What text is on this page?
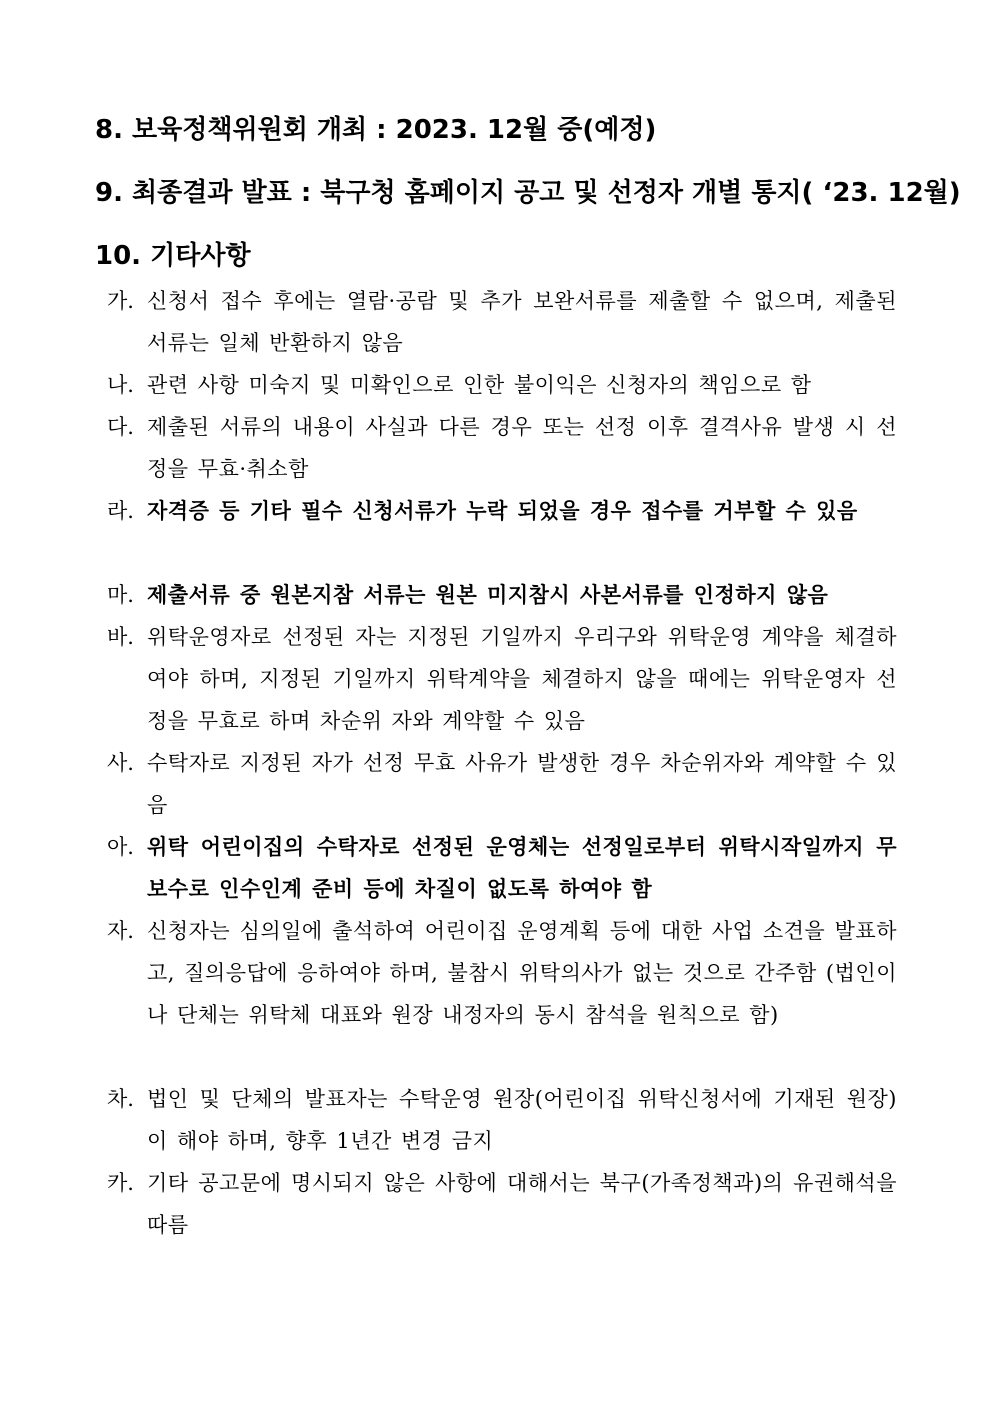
8. 보육정책위원회 개최 : 2023. 12월 중(예정)
9. 최종결과 발표 : 북구청 홈페이지 공고 및 선정자 개별 통지( ‘23. 12월)
10. 기타사항
가. 신청서 접수 후에는 열람·공람 및 추가 보완서류를 제출할 수 없으며, 제출된 서류는 일체 반환하지 않음
나. 관련 사항 미숙지 및 미확인으로 인한 불이익은 신청자의 책임으로 함
다. 제출된 서류의 내용이 사실과 다른 경우 또는 선정 이후 결격사유 발생 시 선정을 무효·취소함
라. 자격증 등 기타 필수 신청서류가 누락 되었을 경우 접수를 거부할 수 있음
마. 제출서류 중 원본지참 서류는 원본 미지참시 사본서류를 인정하지 않음
바. 위탁운영자로 선정된 자는 지정된 기일까지 우리구와 위탁운영 계약을 체결하여야 하며, 지정된 기일까지 위탁계약을 체결하지 않을 때에는 위탁운영자 선정을 무효로 하며 차순위 자와 계약할 수 있음
사. 수탁자로 지정된 자가 선정 무효 사유가 발생한 경우 차순위자와 계약할 수 있음
아. 위탁 어린이집의 수탁자로 선정된 운영체는 선정일로부터 위탁시작일까지 무보수로 인수인계 준비 등에 차질이 없도록 하여야 함
자. 신청자는 심의일에 출석하여 어린이집 운영계획 등에 대한 사업 소견을 발표하고, 질의응답에 응하여야 하며, 불참시 위탁의사가 없는 것으로 간주함 (법인이나 단체는 위탁체 대표와 원장 내정자의 동시 참석을 원칙으로 함)
차. 법인 및 단체의 발표자는 수탁운영 원장(어린이집 위탁신청서에 기재된 원장)이 해야 하며, 향후 1년간 변경 금지
카. 기타 공고문에 명시되지 않은 사항에 대해서는 북구(가족정책과)의 유권해석을 따름
